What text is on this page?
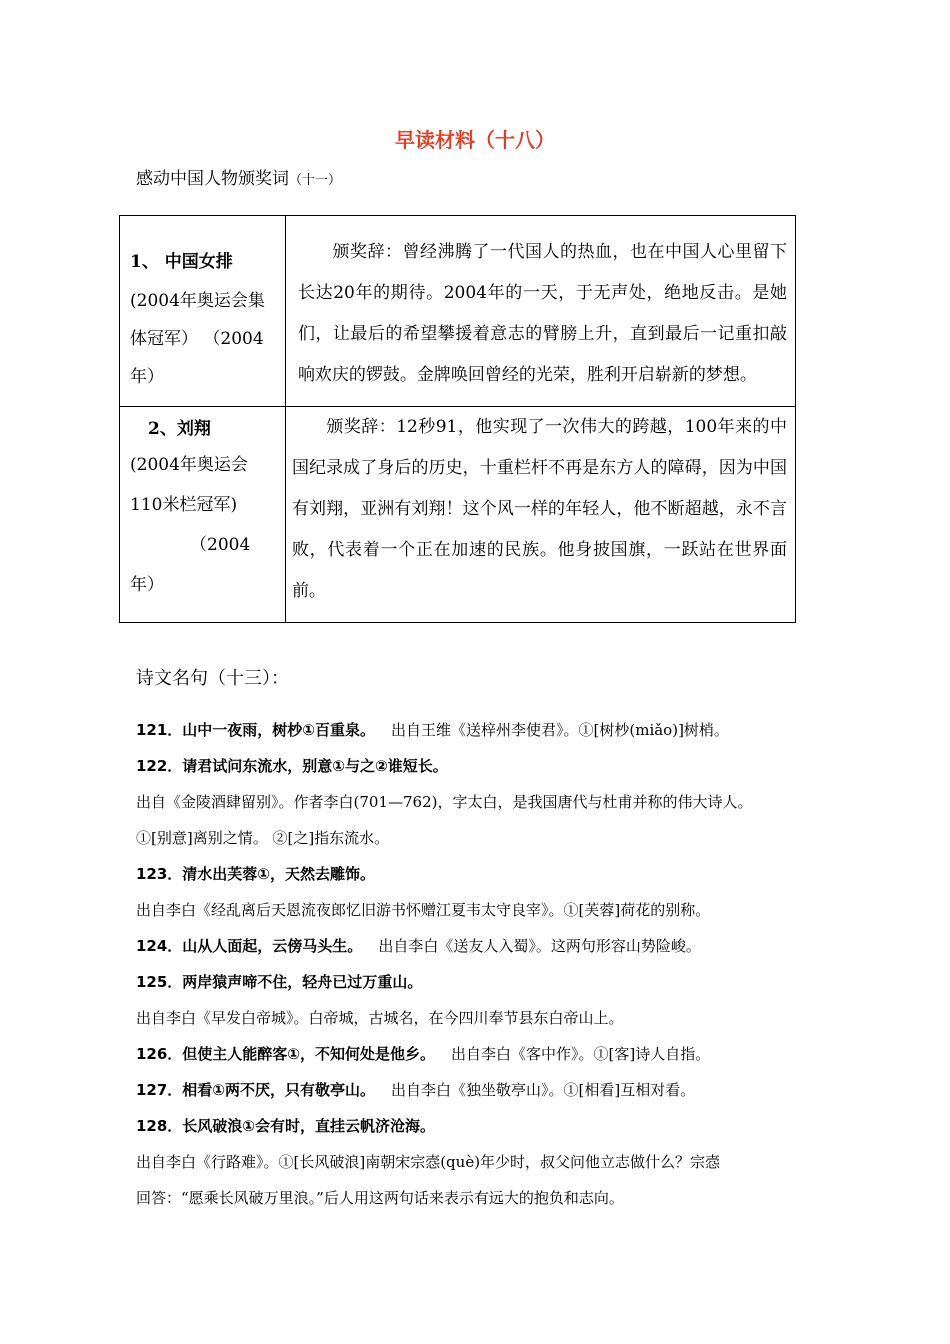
早读材料（十八）
感动中国人物颁奖词（十一）
1、 中国女排
(2004年奥运会集
体冠军） （2004
年）	颁奖辞：曾经沸腾了一代国人的热血，也在中国人心里留下长达20年的期待。2004年的一天，于无声处，绝地反击。是她们，让最后的希望攀援着意志的臂膀上升，直到最后一记重扣敲响欢庆的锣鼓。金牌唤回曾经的光荣，胜利开启崭新的梦想。

2、刘翔
(2004年奥运会
110米栏冠军)
（2004
年）	颁奖辞：12秒91，他实现了一次伟大的跨越，100年来的中国纪录成了身后的历史，十重栏杆不再是东方人的障碍，因为中国有刘翔，亚洲有刘翔！这个风一样的年轻人，他不断超越，永不言败，代表着一个正在加速的民族。他身披国旗，一跃站在世界面前。
诗文名句（十三）：
121．山中一夜雨，树杪①百重泉。 出自王维《送梓州李使君》。①[树杪(miǎo)]树梢。
122．请君试问东流水，别意①与之②谁短长。
出自《金陵酒肆留别》。作者李白(701—762)，字太白，是我国唐代与杜甫并称的伟大诗人。
①[别意]离别之情。 ②[之]指东流水。
123．清水出芙蓉①，天然去雕饰。
出自李白《经乱离后天恩流夜郎忆旧游书怀赠江夏韦太守良宰》。①[芙蓉]荷花的别称。
124．山从人面起，云傍马头生。 出自李白《送友人入蜀》。这两句形容山势险峻。
125．两岸猿声啼不住，轻舟已过万重山。
出自李白《早发白帝城》。白帝城，古城名，在今四川奉节县东白帝山上。
126．但使主人能醉客①，不知何处是他乡。 出自李白《客中作》。①[客]诗人自指。
127．相看①两不厌，只有敬亭山。 出自李白《独坐敬亭山》。①[相看]互相对看。
128．长风破浪①会有时，直挂云帆济沧海。
出自李白《行路难》。①[长风破浪]南朝宋宗悫(què)年少时，叔父问他立志做什么？宗悫
回答：“愿乘长风破万里浪。”后人用这两句话来表示有远大的抱负和志向。
